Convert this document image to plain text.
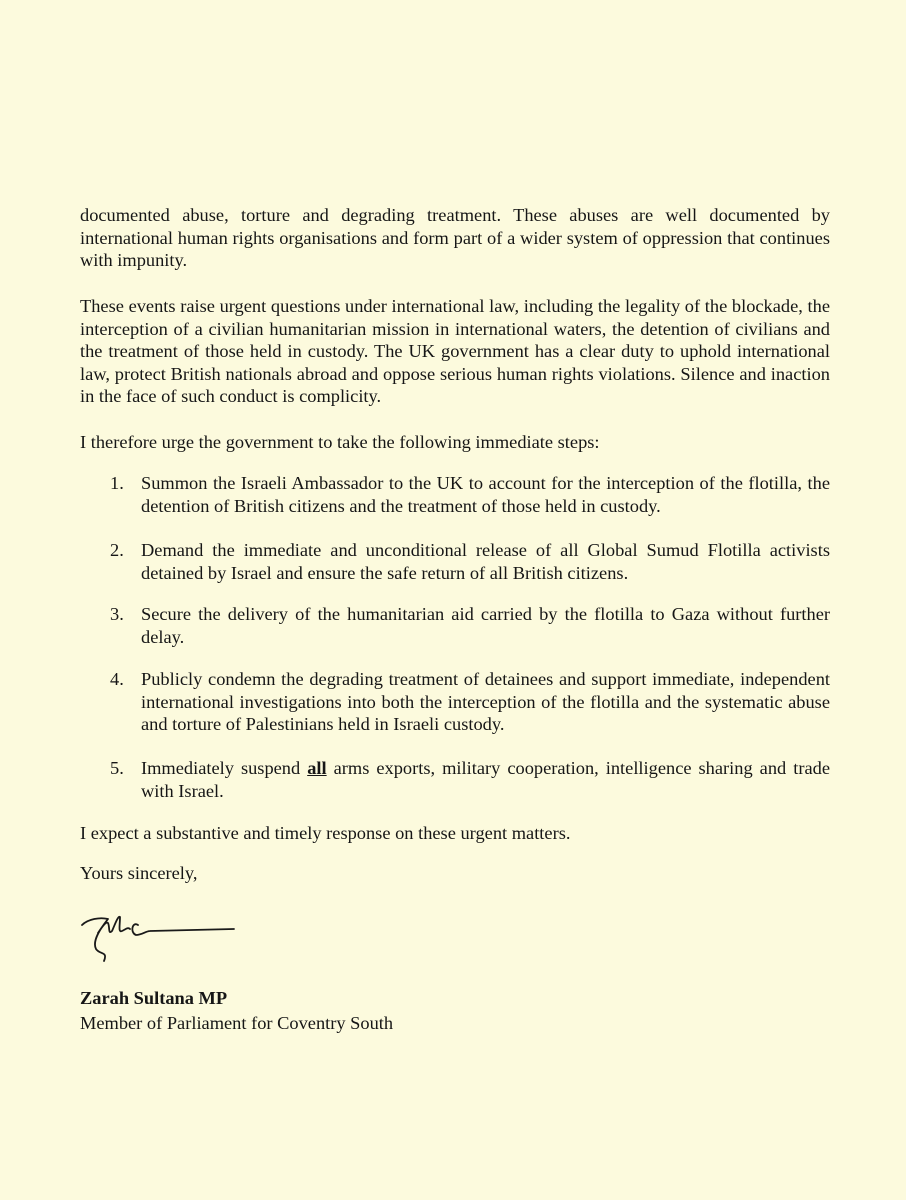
documented abuse, torture and degrading treatment. These abuses are well documented by international human rights organisations and form part of a wider system of oppression that continues with impunity.

These events raise urgent questions under international law, including the legality of the blockade, the interception of a civilian humanitarian mission in international waters, the detention of civilians and the treatment of those held in custody. The UK government has a clear duty to uphold international law, protect British nationals abroad and oppose serious human rights violations. Silence and inaction in the face of such conduct is complicity.

I therefore urge the government to take the following immediate steps:

1. Summon the Israeli Ambassador to the UK to account for the interception of the flotilla, the detention of British citizens and the treatment of those held in custody.
2. Demand the immediate and unconditional release of all Global Sumud Flotilla activists detained by Israel and ensure the safe return of all British citizens.
3. Secure the delivery of the humanitarian aid carried by the flotilla to Gaza without further delay.
4. Publicly condemn the degrading treatment of detainees and support immediate, independent international investigations into both the interception of the flotilla and the systematic abuse and torture of Palestinians held in Israeli custody.
5. Immediately suspend all arms exports, military cooperation, intelligence sharing and trade with Israel.

I expect a substantive and timely response on these urgent matters.

Yours sincerely,

Zarah Sultana MP
Member of Parliament for Coventry South
